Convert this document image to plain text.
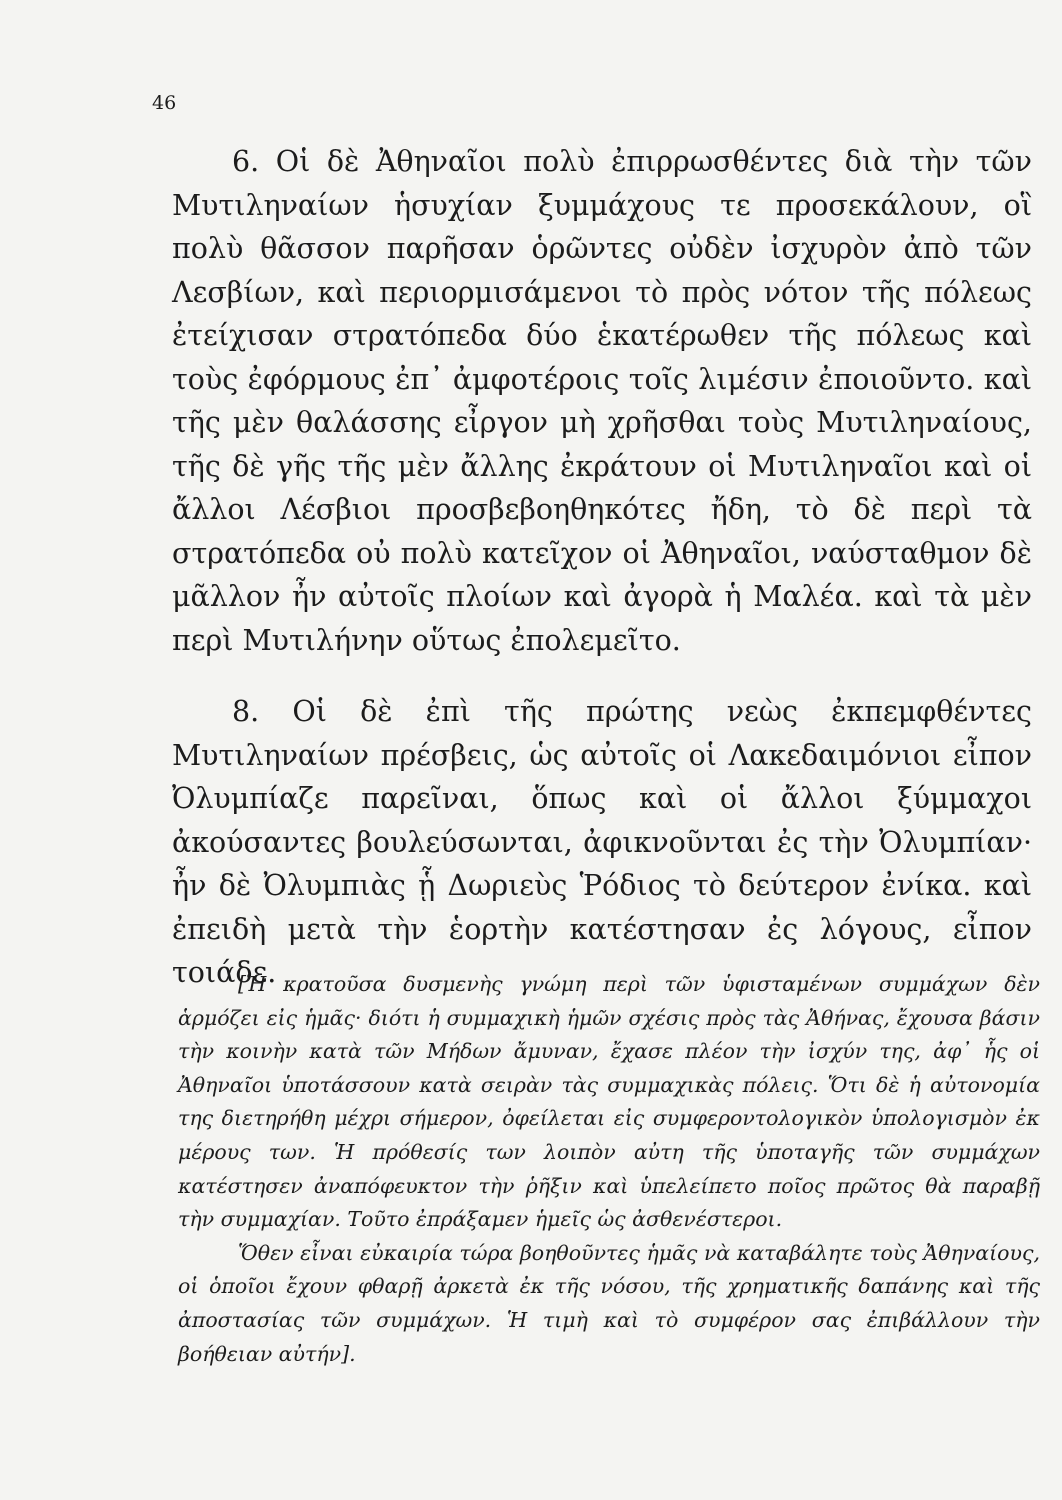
46

6. Οἱ δὲ Ἀθηναῖοι πολὺ ἐπιρρωσθέντες διὰ τὴν τῶν Μυτιληναίων ἡσυχίαν ξυμμάχους τε προσεκάλουν, οἳ πολὺ θᾶσσον παρῆσαν ὁρῶντες οὐδὲν ἰσχυρὸν ἀπὸ τῶν Λεσβίων, καὶ περιορμισάμενοι τὸ πρὸς νότον τῆς πόλεως ἐτείχισαν στρατόπεδα δύο ἑκατέρωθεν τῆς πόλεως καὶ τοὺς ἐφόρμους ἐπ᾽ ἀμφοτέροις τοῖς λιμέσιν ἐποιοῦντο. καὶ τῆς μὲν θαλάσσης εἶργον μὴ χρῆσθαι τοὺς Μυτιληναίους, τῆς δὲ γῆς τῆς μὲν ἄλλης ἐκράτουν οἱ Μυτιληναῖοι καὶ οἱ ἄλλοι Λέσβιοι προσβεβοηθηκότες ἤδη, τὸ δὲ περὶ τὰ στρατόπεδα οὐ πολὺ κατεῖχον οἱ Ἀθηναῖοι, ναύσταθμον δὲ μᾶλλον ἦν αὐτοῖς πλοίων καὶ ἀγορὰ ἡ Μαλέα. καὶ τὰ μὲν περὶ Μυτιλήνην οὕτως ἐπολεμεῖτο.

8. Οἱ δὲ ἐπὶ τῆς πρώτης νεὼς ἐκπεμφθέντες Μυτιληναίων πρέσβεις, ὡς αὐτοῖς οἱ Λακεδαιμόνιοι εἶπον Ὀλυμπίαζε παρεῖναι, ὅπως καὶ οἱ ἄλλοι ξύμμαχοι ἀκούσαντες βουλεύσωνται, ἀφικνοῦνται ἐς τὴν Ὀλυμπίαν· ἦν δὲ Ὀλυμπιὰς ᾗ Δωριεὺς Ῥόδιος τὸ δεύτερον ἐνίκα. καὶ ἐπειδὴ μετὰ τὴν ἑορτὴν κατέστησαν ἐς λόγους, εἶπον τοιάδε.

[Ἡ κρατοῦσα δυσμενὴς γνώμη περὶ τῶν ὑφισταμένων συμμάχων δὲν ἁρμόζει εἰς ἡμᾶς· διότι ἡ συμμαχικὴ ἡμῶν σχέσις πρὸς τὰς Ἀθήνας, ἔχουσα βάσιν τὴν κοινὴν κατὰ τῶν Μήδων ἄμυναν, ἔχασε πλέον τὴν ἰσχύν της, ἀφ᾽ ἧς οἱ Ἀθηναῖοι ὑποτάσσουν κατὰ σειρὰν τὰς συμμαχικὰς πόλεις. Ὅτι δὲ ἡ αὐτονομία της διετηρήθη μέχρι σήμερον, ὀφείλεται εἰς συμφεροντολογικὸν ὑπολογισμὸν ἐκ μέρους των. Ἡ πρόθεσίς των λοιπὸν αὐτη τῆς ὑποταγῆς τῶν συμμάχων κατέστησεν ἀναπόφευκτον τὴν ῥῆξιν καὶ ὑπελείπετο ποῖος πρῶτος θὰ παραβῇ τὴν συμμαχίαν. Τοῦτο ἐπράξαμεν ἡμεῖς ὡς ἀσθενέστεροι.

Ὅθεν εἶναι εὐκαιρία τώρα βοηθοῦντες ἡμᾶς νὰ καταβάλητε τοὺς Ἀθηναίους, οἱ ὁποῖοι ἔχουν φθαρῇ ἀρκετὰ ἐκ τῆς νόσου, τῆς χρηματικῆς δαπάνης καὶ τῆς ἀποστασίας τῶν συμμάχων. Ἡ τιμὴ καὶ τὸ συμφέρον σας ἐπιβάλλουν τὴν βοήθειαν αὐτήν].
